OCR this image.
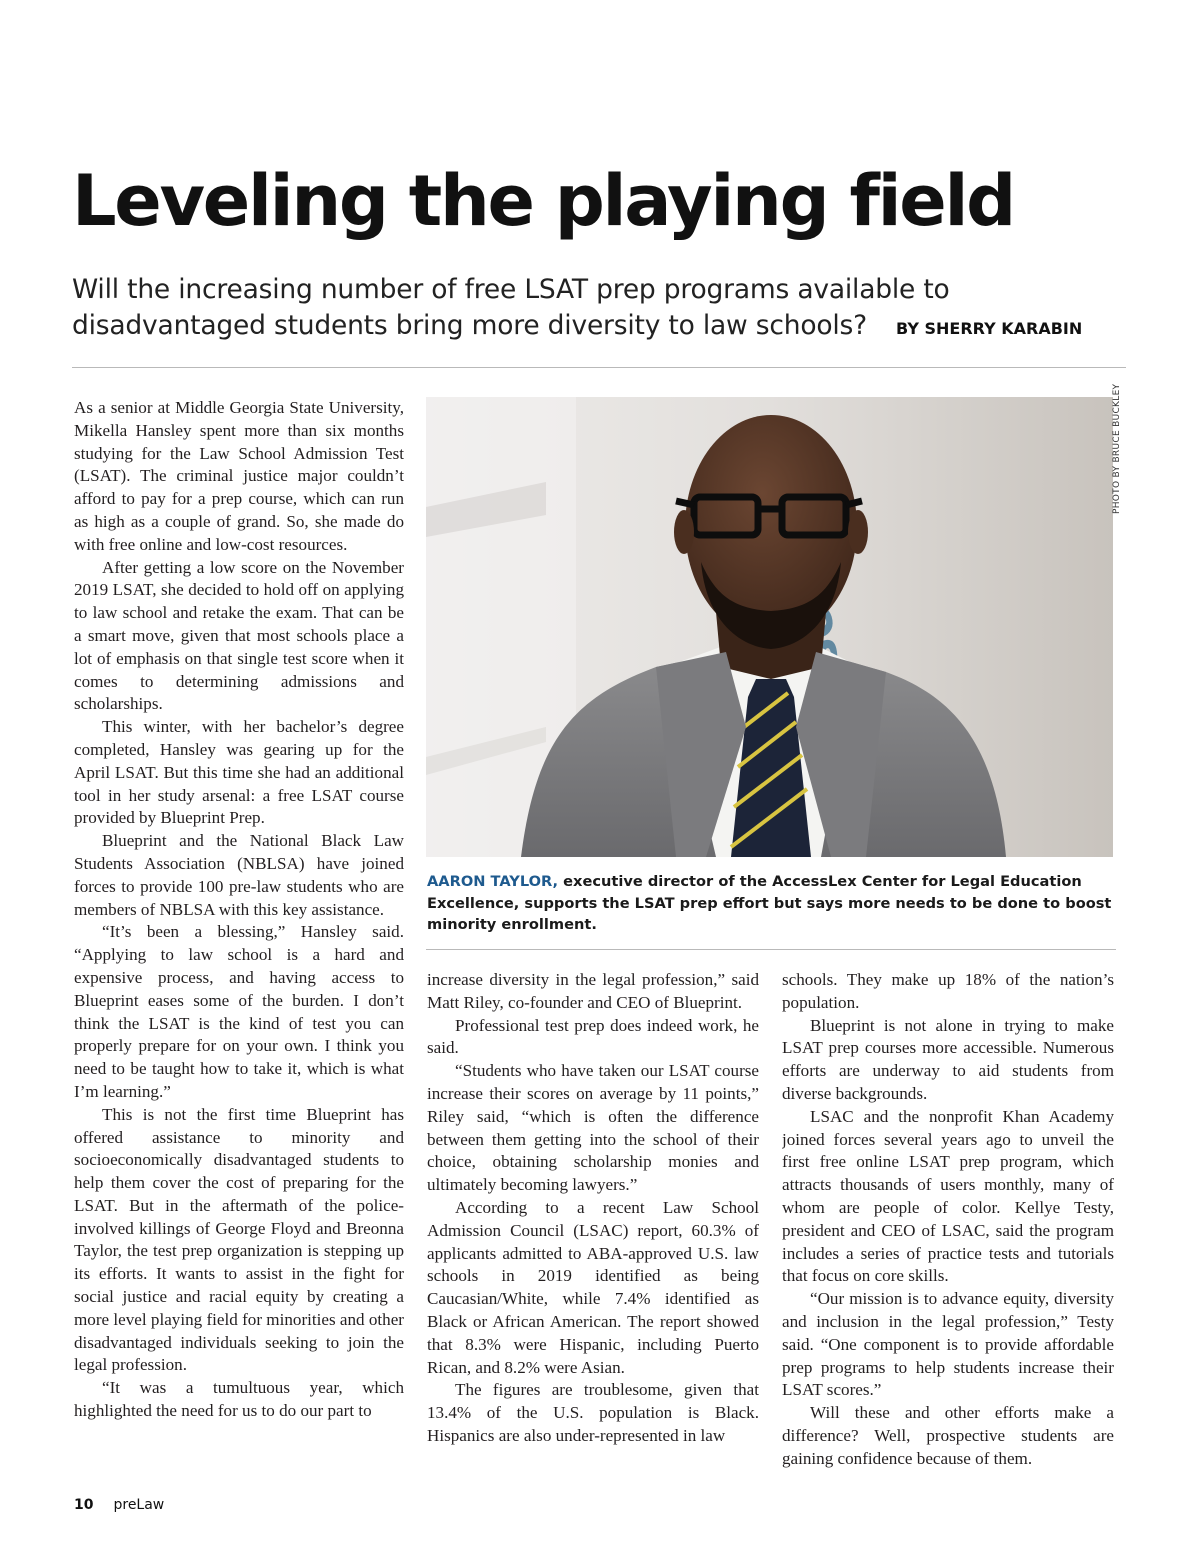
Leveling the playing field
Will the increasing number of free LSAT prep programs available to
disadvantaged students bring more diversity to law schools?	BY SHERRY KARABIN

As a senior at Middle Georgia State University, Mikella Hansley spent more than six months studying for the Law School Admission Test (LSAT). The criminal justice major couldn’t afford to pay for a prep course, which can run as high as a couple of grand. So, she made do with free online and low-cost resources.

After getting a low score on the November 2019 LSAT, she decided to hold off on applying to law school and retake the exam. That can be a smart move, given that most schools place a lot of emphasis on that single test score when it comes to determining admissions and scholarships.

This winter, with her bachelor’s degree completed, Hansley was gearing up for the April LSAT. But this time she had an additional tool in her study arsenal: a free LSAT course provided by Blueprint Prep.

Blueprint and the National Black Law Students Association (NBLSA) have joined forces to provide 100 pre-law students who are members of NBLSA with this key assistance.

“It’s been a blessing,” Hansley said. “Applying to law school is a hard and expensive process, and having access to Blueprint eases some of the burden. I don’t think the LSAT is the kind of test you can properly prepare for on your own. I think you need to be taught how to take it, which is what I’m learning.”

This is not the first time Blueprint has offered assistance to minority and socioeconomically disadvantaged students to help them cover the cost of preparing for the LSAT. But in the aftermath of the police-involved killings of George Floyd and Breonna Taylor, the test prep organization is stepping up its efforts. It wants to assist in the fight for social justice and racial equity by creating a more level playing field for minorities and other disadvantaged individuals seeking to join the legal profession.

“It was a tumultuous year, which highlighted the need for us to do our part to

PHOTO BY BRUCE BUCKLEY
AARON TAYLOR, executive director of the AccessLex Center for Legal Education Excellence, supports the LSAT prep effort but says more needs to be done to boost minority enrollment.

increase diversity in the legal profession,” said Matt Riley, co-founder and CEO of Blueprint.

Professional test prep does indeed work, he said.

“Students who have taken our LSAT course increase their scores on average by 11 points,” Riley said, “which is often the difference between them getting into the school of their choice, obtaining scholarship monies and ultimately becoming lawyers.”

According to a recent Law School Admission Council (LSAC) report, 60.3% of applicants admitted to ABA-approved U.S. law schools in 2019 identified as being Caucasian/White, while 7.4% identified as Black or African American. The report showed that 8.3% were Hispanic, including Puerto Rican, and 8.2% were Asian.

The figures are troublesome, given that 13.4% of the U.S. population is Black. Hispanics are also under-represented in law

schools. They make up 18% of the nation’s population.

Blueprint is not alone in trying to make LSAT prep courses more accessible. Numerous efforts are underway to aid students from diverse backgrounds.

LSAC and the nonprofit Khan Academy joined forces several years ago to unveil the first free online LSAT prep program, which attracts thousands of users monthly, many of whom are people of color. Kellye Testy, president and CEO of LSAC, said the program includes a series of practice tests and tutorials that focus on core skills.

“Our mission is to advance equity, diversity and inclusion in the legal profession,” Testy said. “One component is to provide affordable prep programs to help students increase their LSAT scores.”

Will these and other efforts make a difference? Well, prospective students are gaining confidence because of them.

10 preLaw
